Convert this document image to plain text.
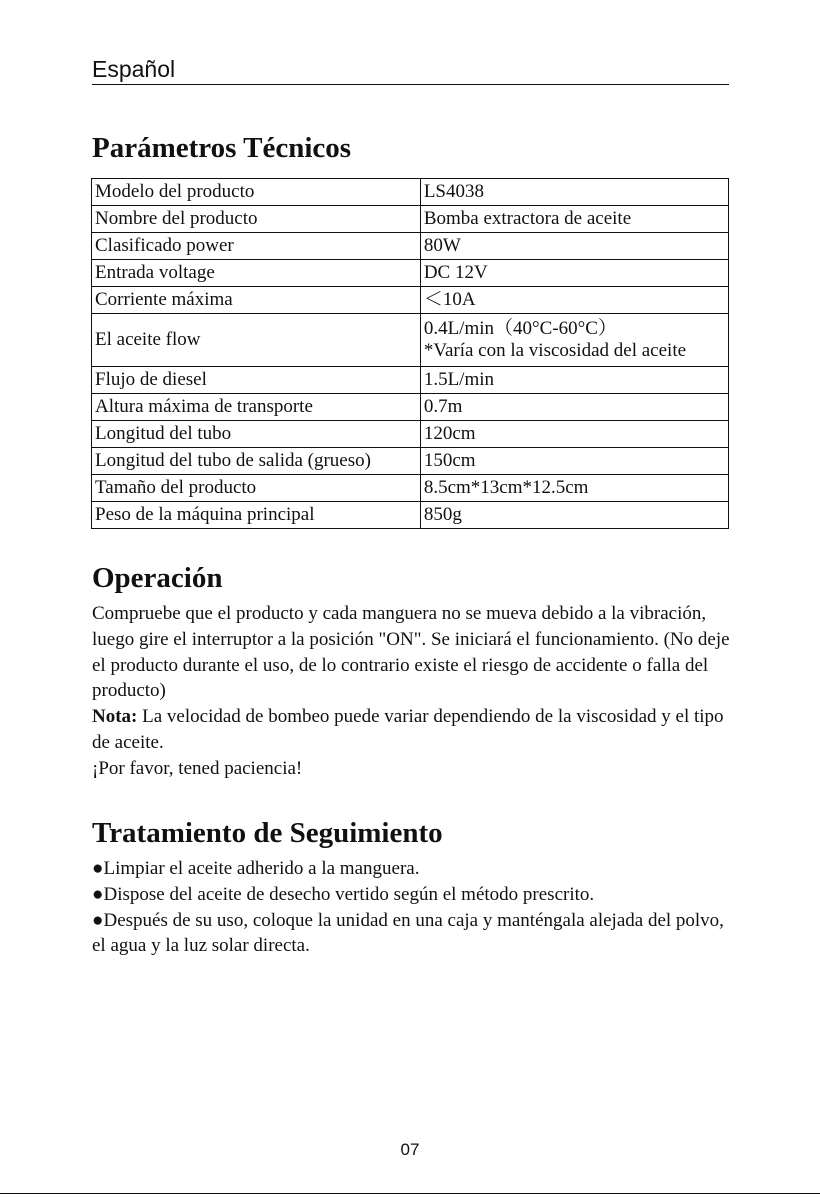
Español
Parámetros Técnicos
Modelo del producto	LS4038
Nombre del producto	Bomba extractora de aceite
Clasificado power	80W
Entrada voltage	DC 12V
Corriente máxima	＜10A
El aceite flow	0.4L/min（40°C-60°C）
*Varía con la viscosidad del aceite

Flujo de diesel	1.5L/min
Altura máxima de transporte	0.7m
Longitud del tubo	120cm
Longitud del tubo de salida (grueso)	150cm
Tamaño del producto	8.5cm*13cm*12.5cm
Peso de la máquina principal	850g
Operación

Compruebe que el producto y cada manguera no se mueva debido a la vibración, luego gire el interruptor a la posición "ON". Se iniciará el funcionamiento. (No deje el producto durante el uso, de lo contrario existe el riesgo de accidente o falla del producto)

Nota: La velocidad de bombeo puede variar dependiendo de la viscosidad y el tipo de aceite.

¡Por favor, tened paciencia!

Tratamiento de Seguimiento

●Limpiar el aceite adherido a la manguera.

●Dispose del aceite de desecho vertido según el método prescrito.

●Después de su uso, coloque la unidad en una caja y manténgala alejada del polvo, el agua y la luz solar directa.

07
